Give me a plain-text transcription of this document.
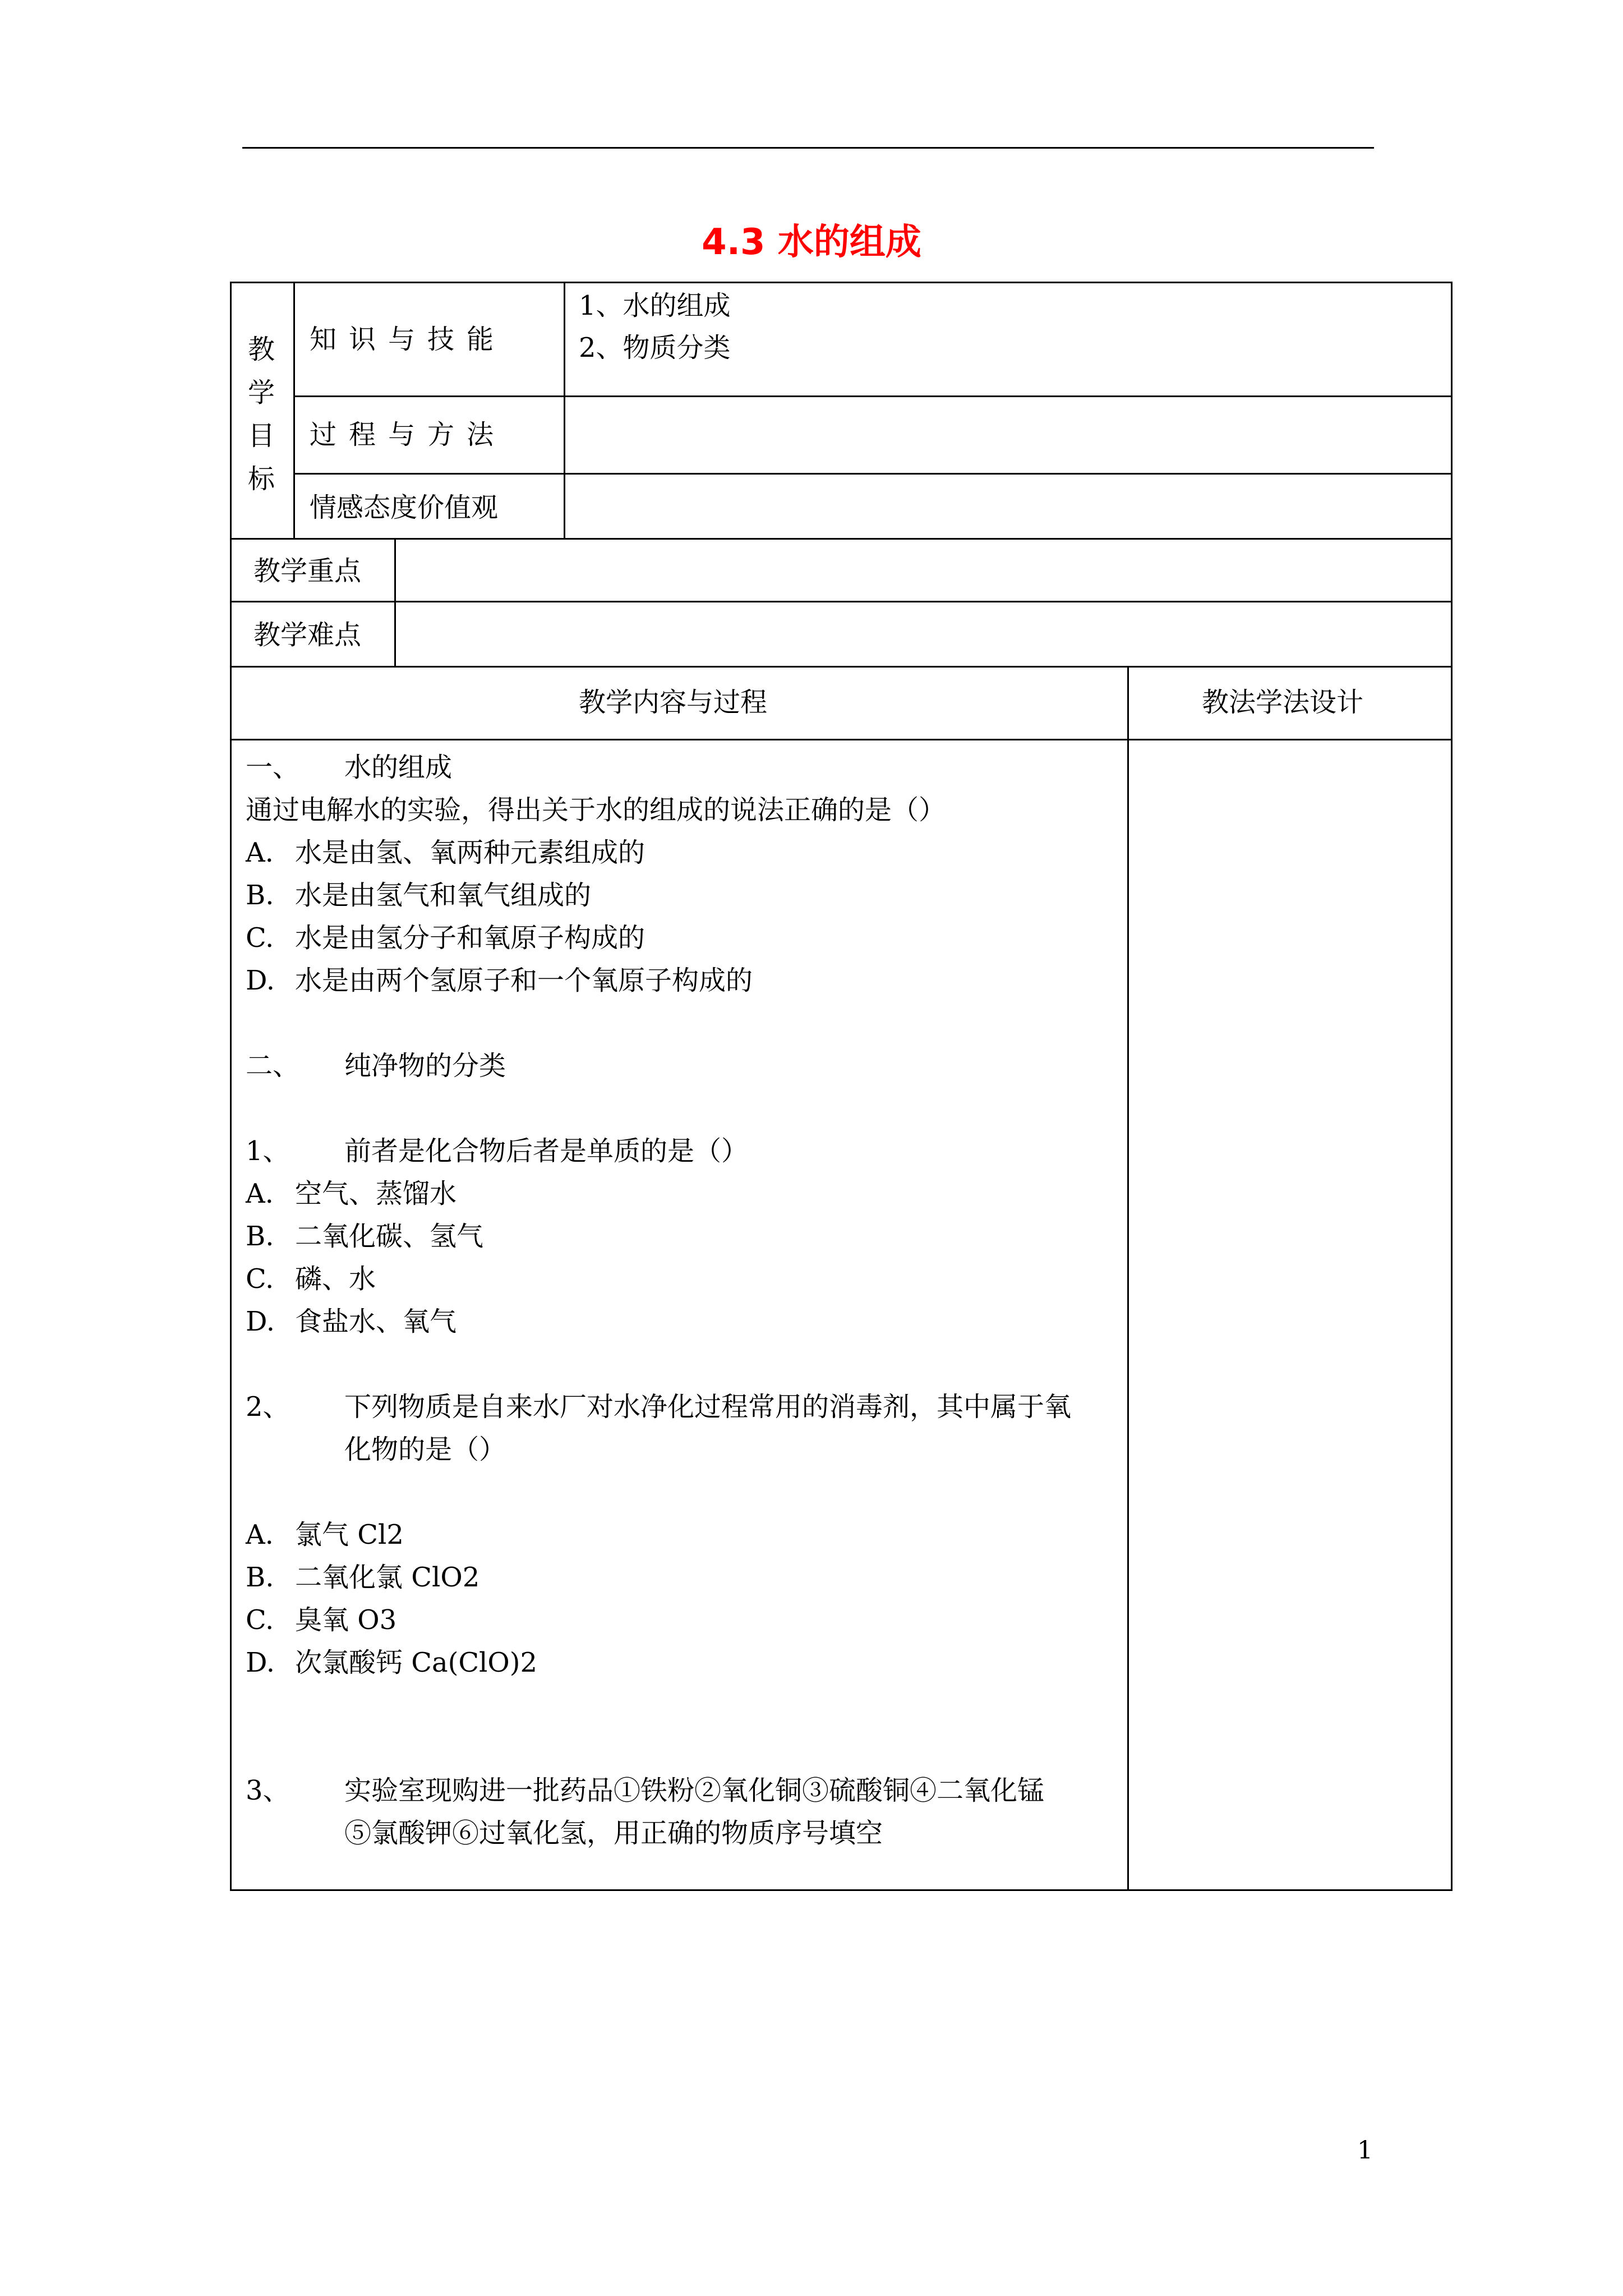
4.3 水的组成
教
学
目
标
知识与技能
1、水的组成
2、物质分类
过程与方法
情感态度价值观
教学重点
教学难点
教学内容与过程	教法学法设计
一、 水的组成
通过电解水的实验，得出关于水的组成的说法正确的是（）
A. 水是由氢、氧两种元素组成的
B. 水是由氢气和氧气组成的
C. 水是由氢分子和氧原子构成的
D. 水是由两个氢原子和一个氧原子构成的
二、 纯净物的分类
1、 前者是化合物后者是单质的是（）
A. 空气、蒸馏水
B. 二氧化碳、氢气
C. 磷、水
D. 食盐水、氧气
2、 下列物质是自来水厂对水净化过程常用的消毒剂，其中属于氧
化物的是（）
A. 氯气 Cl2
B. 二氧化氯 ClO2
C. 臭氧 O3
D. 次氯酸钙 Ca(ClO)2
3、 实验室现购进一批药品①铁粉②氧化铜③硫酸铜④二氧化锰
⑤氯酸钾⑥过氧化氢，用正确的物质序号填空
1
